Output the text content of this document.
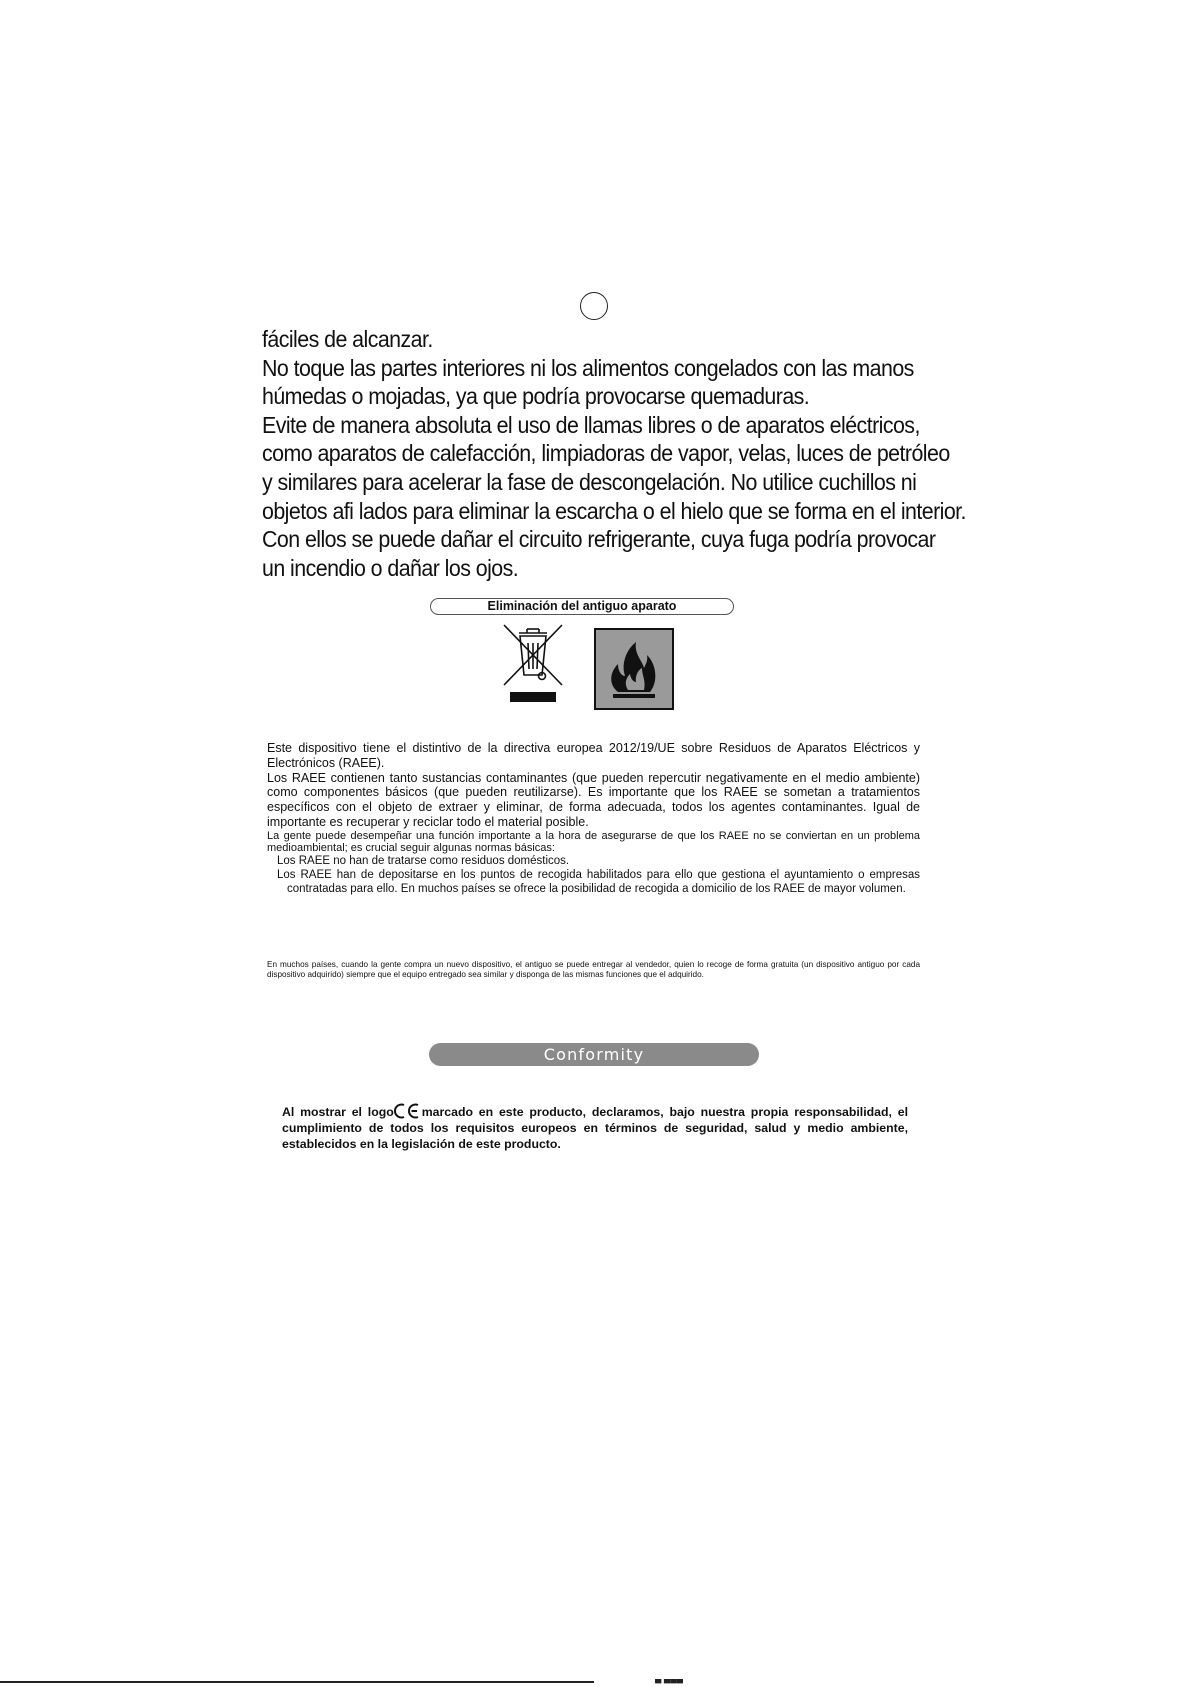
fáciles de alcanzar.
No toque las partes interiores ni los alimentos congelados con las manos
húmedas o mojadas, ya que podría provocarse quemaduras.
Evite de manera absoluta el uso de llamas libres o de aparatos eléctricos,
como aparatos de calefacción, limpiadoras de vapor, velas, luces de petróleo
y similares para acelerar la fase de descongelación. No utilice cuchillos ni
objetos afi lados para eliminar la escarcha o el hielo que se forma en el interior.
Con ellos se puede dañar el circuito refrigerante, cuya fuga podría provocar
un incendio o dañar los ojos.
Eliminación del antiguo aparato

Este dispositivo tiene el distintivo de la directiva europea 2012/19/UE sobre Residuos de Aparatos Eléctricos y Electrónicos (RAEE).

Los RAEE contienen tanto sustancias contaminantes (que pueden repercutir negativamente en el medio ambiente) como componentes básicos (que pueden reutilizarse). Es importante que los RAEE se sometan a tratamientos específicos con el objeto de extraer y eliminar, de forma adecuada, todos los agentes contaminantes. Igual de importante es recuperar y reciclar todo el material posible.

La gente puede desempeñar una función importante a la hora de asegurarse de que los RAEE no se conviertan en un problema medioambiental; es crucial seguir algunas normas básicas:

Los RAEE no han de tratarse como residuos domésticos.

Los RAEE han de depositarse en los puntos de recogida habilitados para ello que gestiona el ayuntamiento o empresas contratadas para ello. En muchos países se ofrece la posibilidad de recogida a domicilio de los RAEE de mayor volumen.

En muchos países, cuando la gente compra un nuevo dispositivo, el antiguo se puede entregar al vendedor, quien lo recoge de forma gratuita (un dispositivo antiguo por cada dispositivo adquirido) siempre que el equipo entregado sea similar y disponga de las mismas funciones que el adquirido.

Conformity

Al mostrar el logo marcado en este producto, declaramos, bajo nuestra propia responsabilidad, el cumplimiento de todos los requisitos europeos en términos de seguridad, salud y medio ambiente, establecidos en la legislación de este producto.

▀ ▀▀▀
